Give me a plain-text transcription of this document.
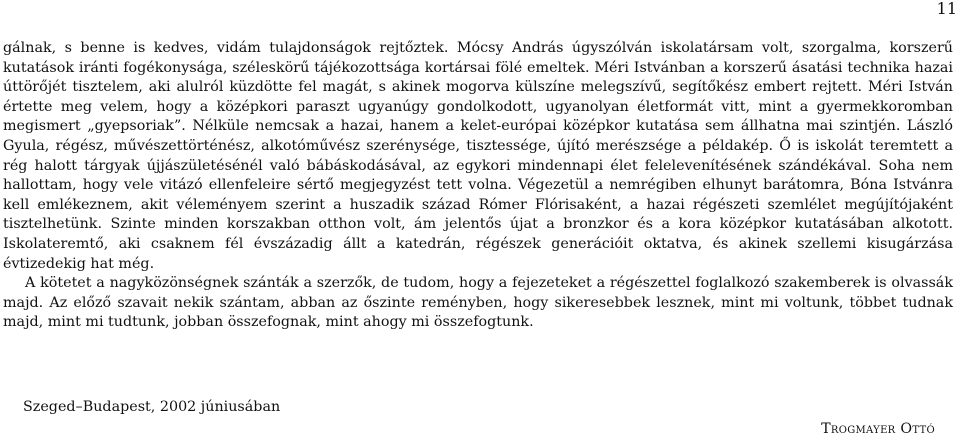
11

gálnak, s benne is kedves, vidám tulajdonságok rejtőztek. Mócsy András úgyszólván iskolatársam volt, szorgalma, korszerű kutatások iránti fogékonysága, széleskörű tájékozottsága kortársai fölé emeltek. Méri Istvánban a korszerű ásatási technika hazai úttörőjét tisztelem, aki alulról küzdötte fel magát, s akinek mogorva külszíne melegszívű, segítőkész embert rejtett. Méri István értette meg velem, hogy a középkori paraszt ugyanúgy gondolkodott, ugyanolyan életformát vitt, mint a gyermekkoromban megismert „gyepsoriak”. Nélküle nemcsak a hazai, hanem a kelet-európai középkor kutatása sem állhatna mai szintjén. László Gyula, régész, művészettörténész, alkotóművész szerénysége, tisztessége, újító merészsége a példakép. Ő is iskolát teremtett a rég halott tárgyak újjászületésénél való bábáskodásával, az egykori mindennapi élet felelevenítésének szándékával. Soha nem hallottam, hogy vele vitázó ellenfeleire sértő megjegyzést tett volna. Végezetül a nemrégiben elhunyt barátomra, Bóna Istvánra kell emlékeznem, akit véleményem szerint a huszadik század Rómer Flórisaként, a hazai régészeti szemlélet megújítójaként tisztelhetünk. Szinte minden korszakban otthon volt, ám jelentős újat a bronzkor és a kora középkor kutatásában alkotott. Iskolateremtő, aki csaknem fél évszázadig állt a katedrán, régészek generációit oktatva, és akinek szellemi kisugárzása évtizedekig hat még.

A kötetet a nagyközönségnek szánták a szerzők, de tudom, hogy a fejezeteket a régészettel foglalkozó szakemberek is olvassák majd. Az előző szavait nekik szántam, abban az őszinte reményben, hogy sikeresebbek lesznek, mint mi voltunk, többet tudnak majd, mint mi tudtunk, jobban összefognak, mint ahogy mi összefogtunk.

Szeged–Budapest, 2002 júniusában
Trogmayer Ottó
